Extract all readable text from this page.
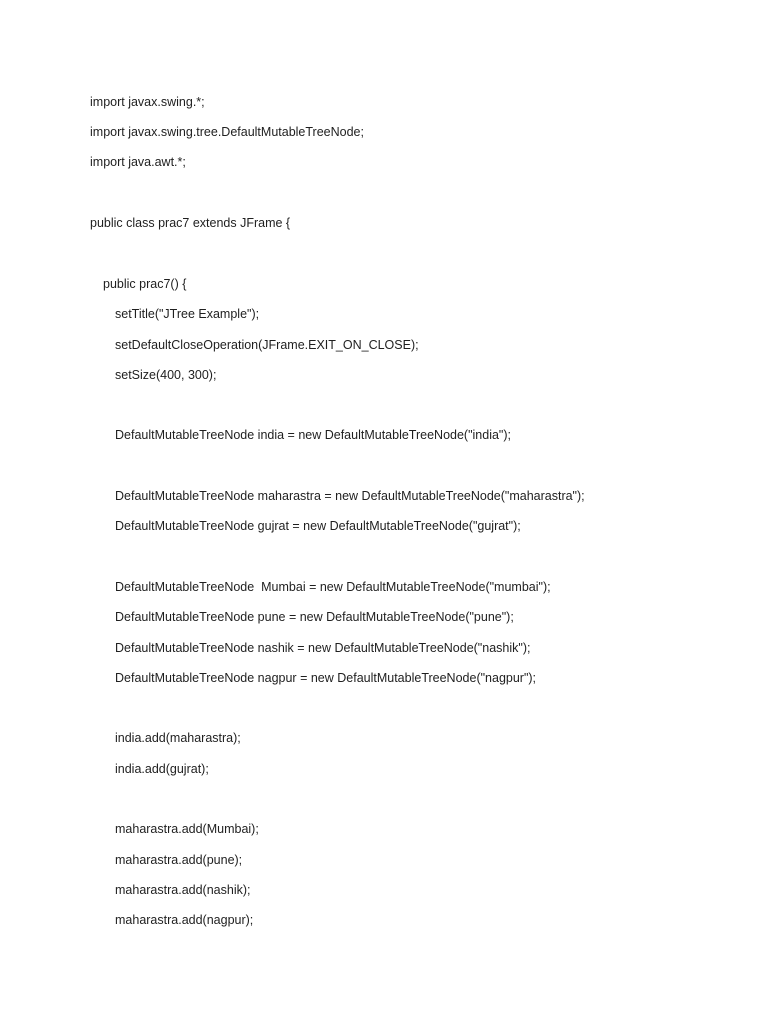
import javax.swing.*;
import javax.swing.tree.DefaultMutableTreeNode;
import java.awt.*;
public class prac7 extends JFrame {
public prac7() {
setTitle("JTree Example");
setDefaultCloseOperation(JFrame.EXIT_ON_CLOSE);
setSize(400, 300);
DefaultMutableTreeNode india = new DefaultMutableTreeNode("india");
DefaultMutableTreeNode maharastra = new DefaultMutableTreeNode("maharastra");
DefaultMutableTreeNode gujrat = new DefaultMutableTreeNode("gujrat");
DefaultMutableTreeNode  Mumbai = new DefaultMutableTreeNode("mumbai");
DefaultMutableTreeNode pune = new DefaultMutableTreeNode("pune");
DefaultMutableTreeNode nashik = new DefaultMutableTreeNode("nashik");
DefaultMutableTreeNode nagpur = new DefaultMutableTreeNode("nagpur");
india.add(maharastra);
india.add(gujrat);
maharastra.add(Mumbai);
maharastra.add(pune);
maharastra.add(nashik);
maharastra.add(nagpur);
